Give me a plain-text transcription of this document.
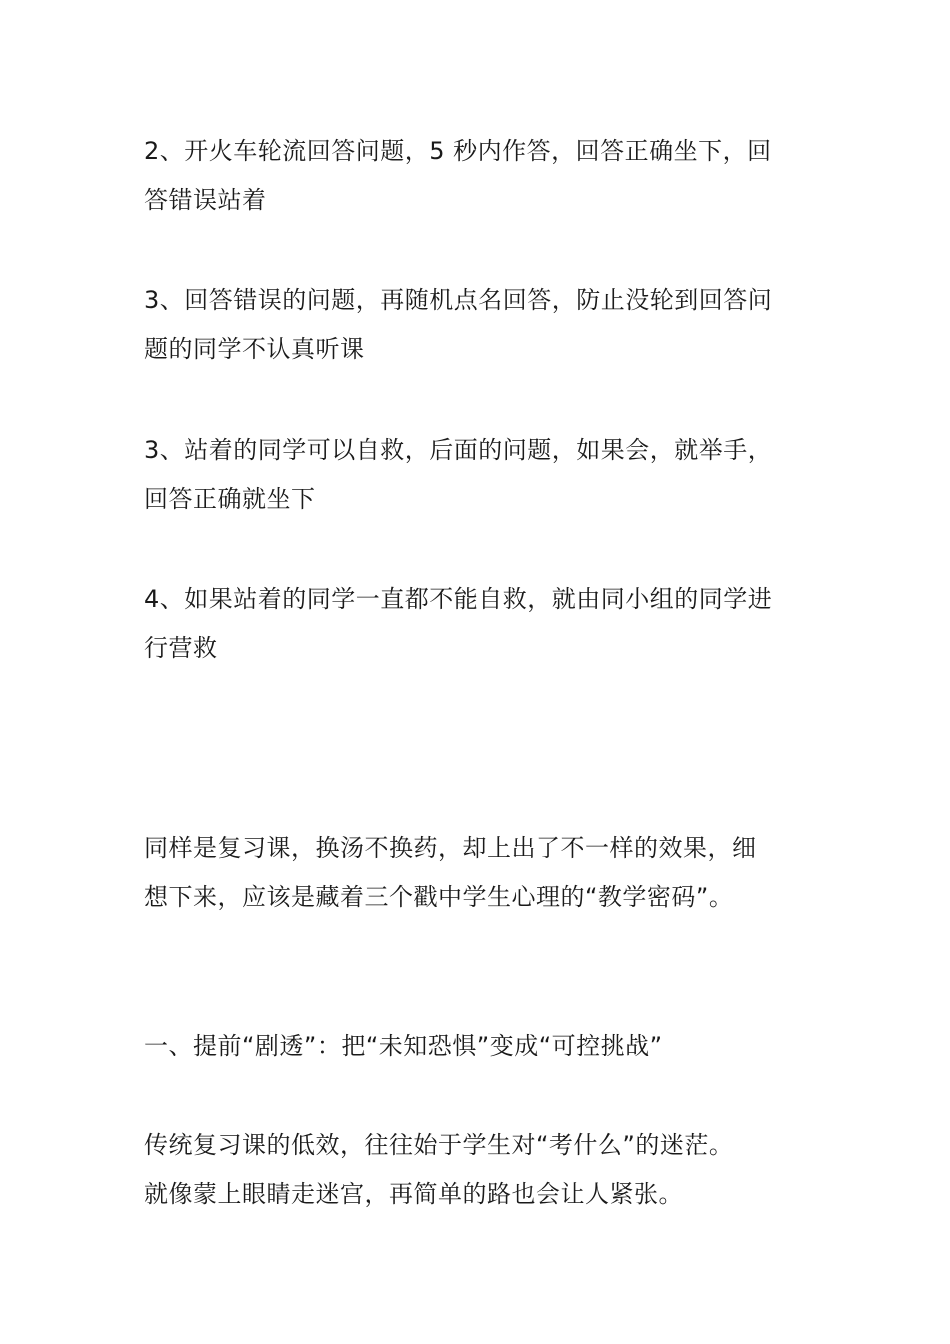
2、开火车轮流回答问题，5 秒内作答，回答正确坐下，回
答错误站着

3、回答错误的问题，再随机点名回答，防止没轮到回答问
题的同学不认真听课

3、站着的同学可以自救，后面的问题，如果会，就举手，
回答正确就坐下

4、如果站着的同学一直都不能自救，就由同小组的同学进
行营救

同样是复习课，换汤不换药，却上出了不一样的效果，细
想下来，应该是藏着三个戳中学生心理的“教学密码”。

一、提前“剧透”：把“未知恐惧”变成“可控挑战”

传统复习课的低效，往往始于学生对“考什么”的迷茫。
就像蒙上眼睛走迷宫，再简单的路也会让人紧张。
